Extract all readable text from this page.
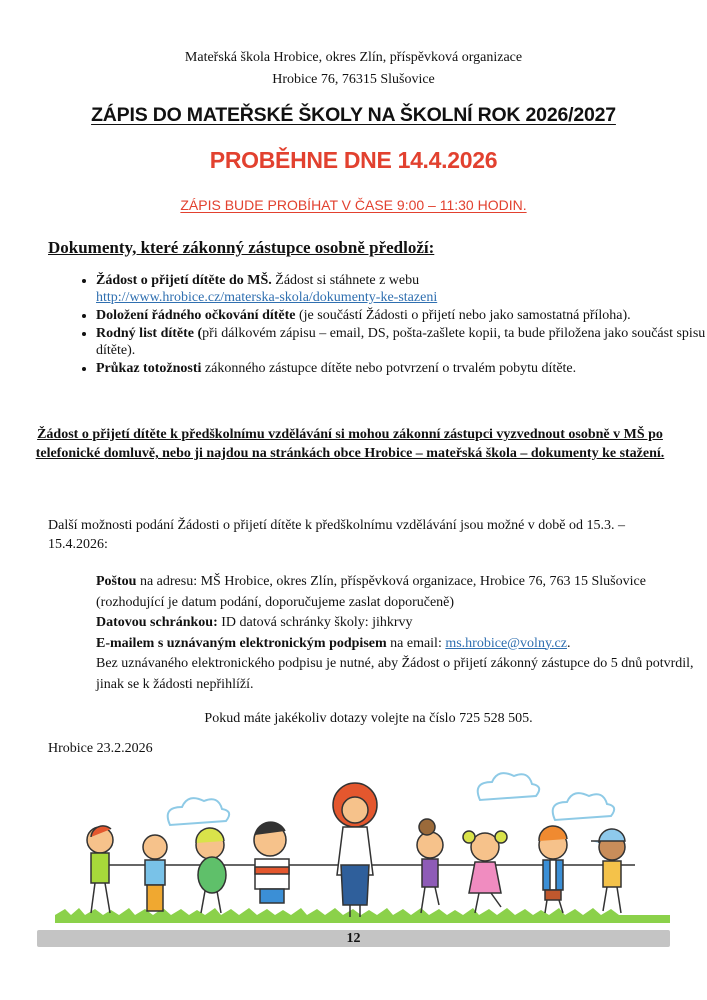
Mateřská škola Hrobice, okres Zlín, příspěvková organizace
Hrobice 76, 76315 Slušovice
ZÁPIS DO MATEŘSKÉ ŠKOLY NA ŠKOLNÍ ROK 2026/2027
PROBĚHNE DNE 14.4.2026
ZÁPIS BUDE PROBÍHAT V ČASE 9:00 – 11:30 HODIN.
Dokumenty, které zákonný zástupce osobně předloží:
• Žádost o přijetí dítěte do MŠ. Žádost si stáhnete z webu
http://www.hrobice.cz/materska-skola/dokumenty-ke-stazeni
• Doložení řádného očkování dítěte (je součástí Žádosti o přijetí nebo jako samostatná příloha).
• Rodný list dítěte (při dálkovém zápisu – email, DS, pošta-zašlete kopii, ta bude přiložena jako součást spisu dítěte).
• Průkaz totožnosti zákonného zástupce dítěte nebo potvrzení o trvalém pobytu dítěte.
Žádost o přijetí dítěte k předškolnímu vzdělávání si mohou zákonní zástupci vyzvednout osobně v MŠ po telefonické domluvě, nebo ji najdou na stránkách obce Hrobice – mateřská škola – dokumenty ke stažení.
Další možnosti podání Žádosti o přijetí dítěte k předškolnímu vzdělávání jsou možné v době od 15.3. – 15.4.2026:
Poštou na adresu: MŠ Hrobice, okres Zlín, příspěvková organizace, Hrobice 76, 763 15 Slušovice (rozhodující je datum podání, doporučujeme zaslat doporučeně)
Datovou schránkou: ID datová schránky školy: jihkrvy
E-mailem s uznávaným elektronickým podpisem na email: ms.hrobice@volny.cz.
Bez uznávaného elektronického podpisu je nutné, aby Žádost o přijetí zákonný zástupce do 5 dnů potvrdil, jinak se k žádosti nepřihlíží.
Pokud máte jakékoliv dotazy volejte na číslo 725 528 505.
Hrobice 23.2.2026
12
